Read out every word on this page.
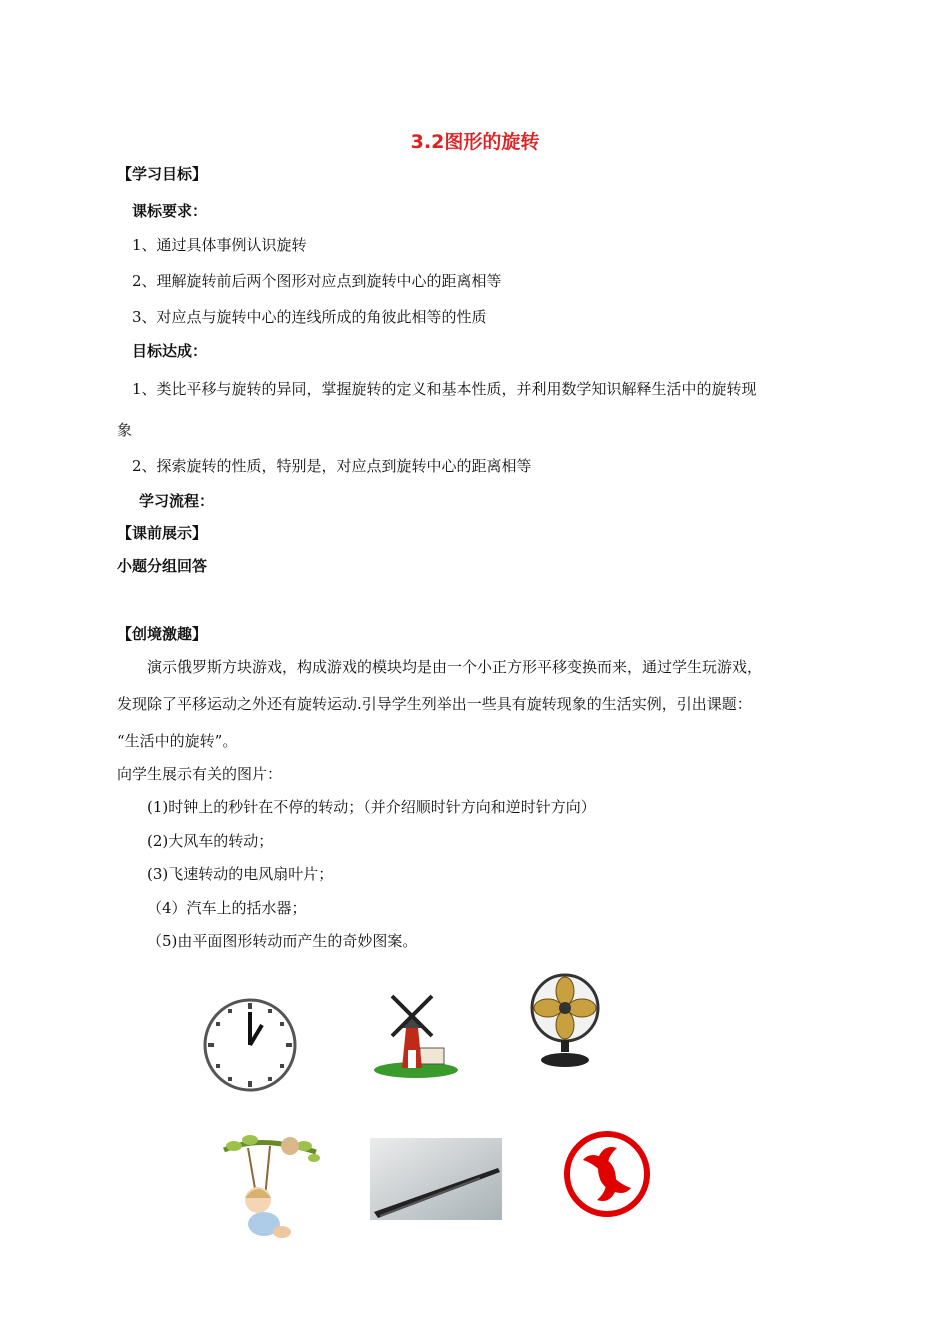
3.2图形的旋转
【学习目标】
课标要求：
1、通过具体事例认识旋转
2、理解旋转前后两个图形对应点到旋转中心的距离相等
3、对应点与旋转中心的连线所成的角彼此相等的性质
目标达成：
1、类比平移与旋转的异同，掌握旋转的定义和基本性质，并利用数学知识解释生活中的旋转现
象
2、探索旋转的性质，特别是，对应点到旋转中心的距离相等
学习流程：
【课前展示】
小题分组回答
【创境激趣】
演示俄罗斯方块游戏，构成游戏的模块均是由一个小正方形平移变换而来，通过学生玩游戏，
发现除了平移运动之外还有旋转运动.引导学生列举出一些具有旋转现象的生活实例，引出课题：
“生活中的旋转”。
向学生展示有关的图片：
(1)时钟上的秒针在不停的转动；（并介绍顺时针方向和逆时针方向）
(2)大风车的转动；
(3)飞速转动的电风扇叶片；
（4）汽车上的括水器；
（5)由平面图形转动而产生的奇妙图案。
